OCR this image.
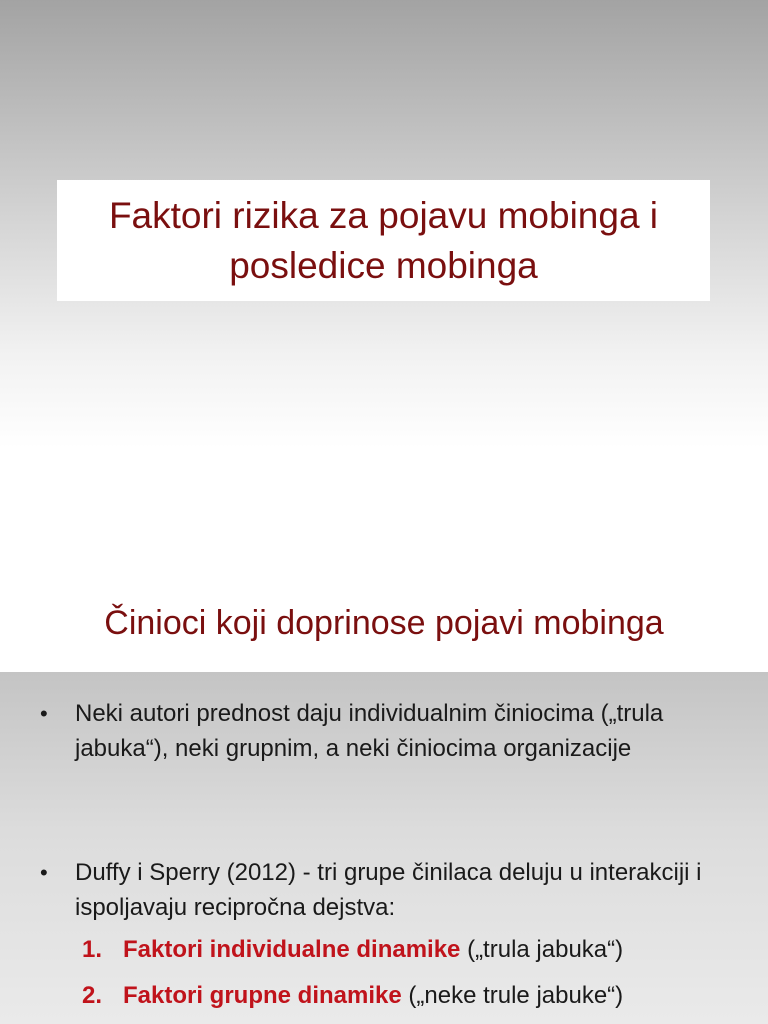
Faktori rizika za pojavu mobinga i posledice mobinga
Činioci koji doprinose pojavi mobinga
•	Neki autori prednost daju individualnim činiocima („trula jabuka“), neki grupnim, a neki činiocima organizacije
•	Duffy i Sperry (2012) - tri grupe činilaca deluju u interakciji i ispoljavaju recipročna dejstva:
1. Faktori individualne dinamike („trula jabuka“)
2. Faktori grupne dinamike („neke trule jabuke“)
